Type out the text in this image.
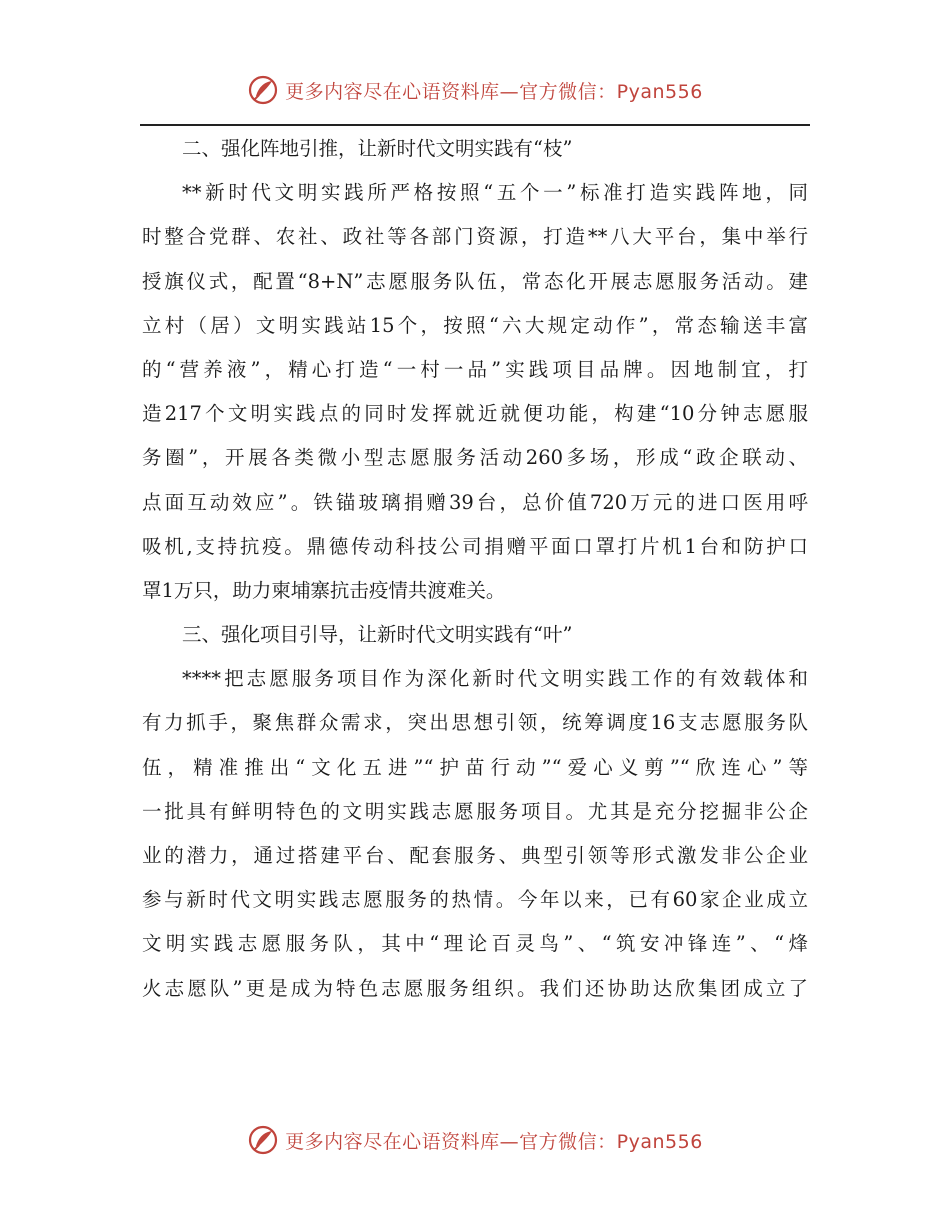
更多内容尽在心语资料库—官方微信：Pyan556
二、强化阵地引推，让新时代文明实践有“枝”
**新时代文明实践所严格按照“五个一”标准打造实践阵地，同
时整合党群、农社、政社等各部门资源，打造**八大平台，集中举行
授旗仪式，配置“8+N”志愿服务队伍，常态化开展志愿服务活动。建
立村（居）文明实践站15个，按照“六大规定动作”，常态输送丰富
的“营养液”，精心打造“一村一品”实践项目品牌。因地制宜，打
造217个文明实践点的同时发挥就近就便功能，构建“10分钟志愿服
务圈”，开展各类微小型志愿服务活动260多场，形成“政企联动、
点面互动效应”。铁锚玻璃捐赠39台，总价值720万元的进口医用呼
吸机,支持抗疫。鼎德传动科技公司捐赠平面口罩打片机1台和防护口
罩1万只，助力柬埔寨抗击疫情共渡难关。
三、强化项目引导，让新时代文明实践有“叶”
****把志愿服务项目作为深化新时代文明实践工作的有效载体和
有力抓手，聚焦群众需求，突出思想引领，统筹调度16支志愿服务队
伍，精准推出“文化五进”“护苗行动”“爱心义剪”“欣连心”等
一批具有鲜明特色的文明实践志愿服务项目。尤其是充分挖掘非公企
业的潜力，通过搭建平台、配套服务、典型引领等形式激发非公企业
参与新时代文明实践志愿服务的热情。今年以来，已有60家企业成立
文明实践志愿服务队，其中“理论百灵鸟”、“筑安冲锋连”、“烽
火志愿队”更是成为特色志愿服务组织。我们还协助达欣集团成立了
更多内容尽在心语资料库—官方微信：Pyan556
